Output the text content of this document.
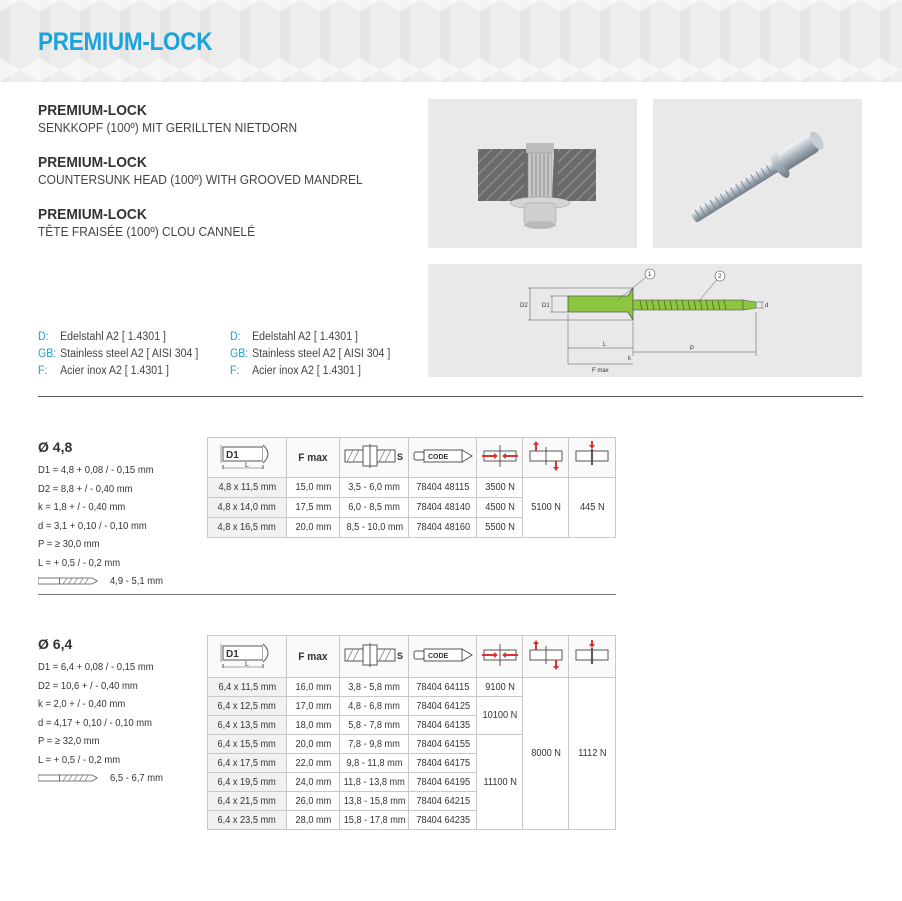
PREMIUM-LOCK
PREMIUM-LOCK
SENKKOPF (100º) MIT GERILLTEN NIETDORN
PREMIUM-LOCK
COUNTERSUNK HEAD (100º) WITH GROOVED MANDREL
PREMIUM-LOCK
TÊTE FRAISÉE (100º) CLOU CANNELÉ
D: Edelstahl A2 [ 1.4301 ]
GB: Stainless steel A2 [ AISI 304 ]
F: Acier inox A2 [ 1.4301 ]
D: Edelstahl A2 [ 1.4301 ]
GB: Stainless steel A2 [ AISI 304 ]
F: Acier inox A2 [ 1.4301 ]
1	2
D2 D1	d
L
k
P
F max
Ø 4,8
D1 = 4,8 + 0,08 / - 0,15 mm
D2 = 8,8 + / - 0,40 mm
k = 1,8 + / - 0,40 mm
d = 3,1 + 0,10 / - 0,10 mm
P = ≥ 30,0 mm
L = + 0,5 / - 0,2 mm
4,9 - 5,1 mm
Ø 6,4
D1 = 6,4 + 0,08 / - 0,15 mm
D2 = 10,6 + / - 0,40 mm
k = 2,0 + / - 0,40 mm
d = 4,17 + 0,10 / - 0,10 mm
P = ≥ 32,0 mm
L = + 0,5 / - 0,2 mm
6,5 - 6,7 mm
D1
L	F max	S	CODE

4,8 x 11,5 mm	15,0 mm	3,5 - 6,0 mm	78404 48115	3500 N	5100 N	445 N
4,8 x 14,0 mm	17,5 mm	6,0 - 8,5 mm	78404 48140	4500 N		
4,8 x 16,5 mm	20,0 mm	8,5 - 10,0 mm	78404 48160	5500 N		
D1
L	F max	S	CODE

6,4 x 11,5 mm	16,0 mm	3,8 - 5,8 mm	78404 64115	9100 N	8000 N	1112 N
6,4 x 12,5 mm	17,0 mm	4,8 - 6,8 mm	78404 64125	10100 N		
6,4 x 13,5 mm	18,0 mm	5,8 - 7,8 mm	78404 64135			
6,4 x 15,5 mm	20,0 mm	7,8 - 9,8 mm	78404 64155	11100 N		
6,4 x 17,5 mm	22,0 mm	9,8 - 11,8 mm	78404 64175			
6,4 x 19,5 mm	24,0 mm	11,8 - 13,8 mm	78404 64195			
6,4 x 21,5 mm	26,0 mm	13,8 - 15,8 mm	78404 64215			
6,4 x 23,5 mm	28,0 mm	15,8 - 17,8 mm	78404 64235			
